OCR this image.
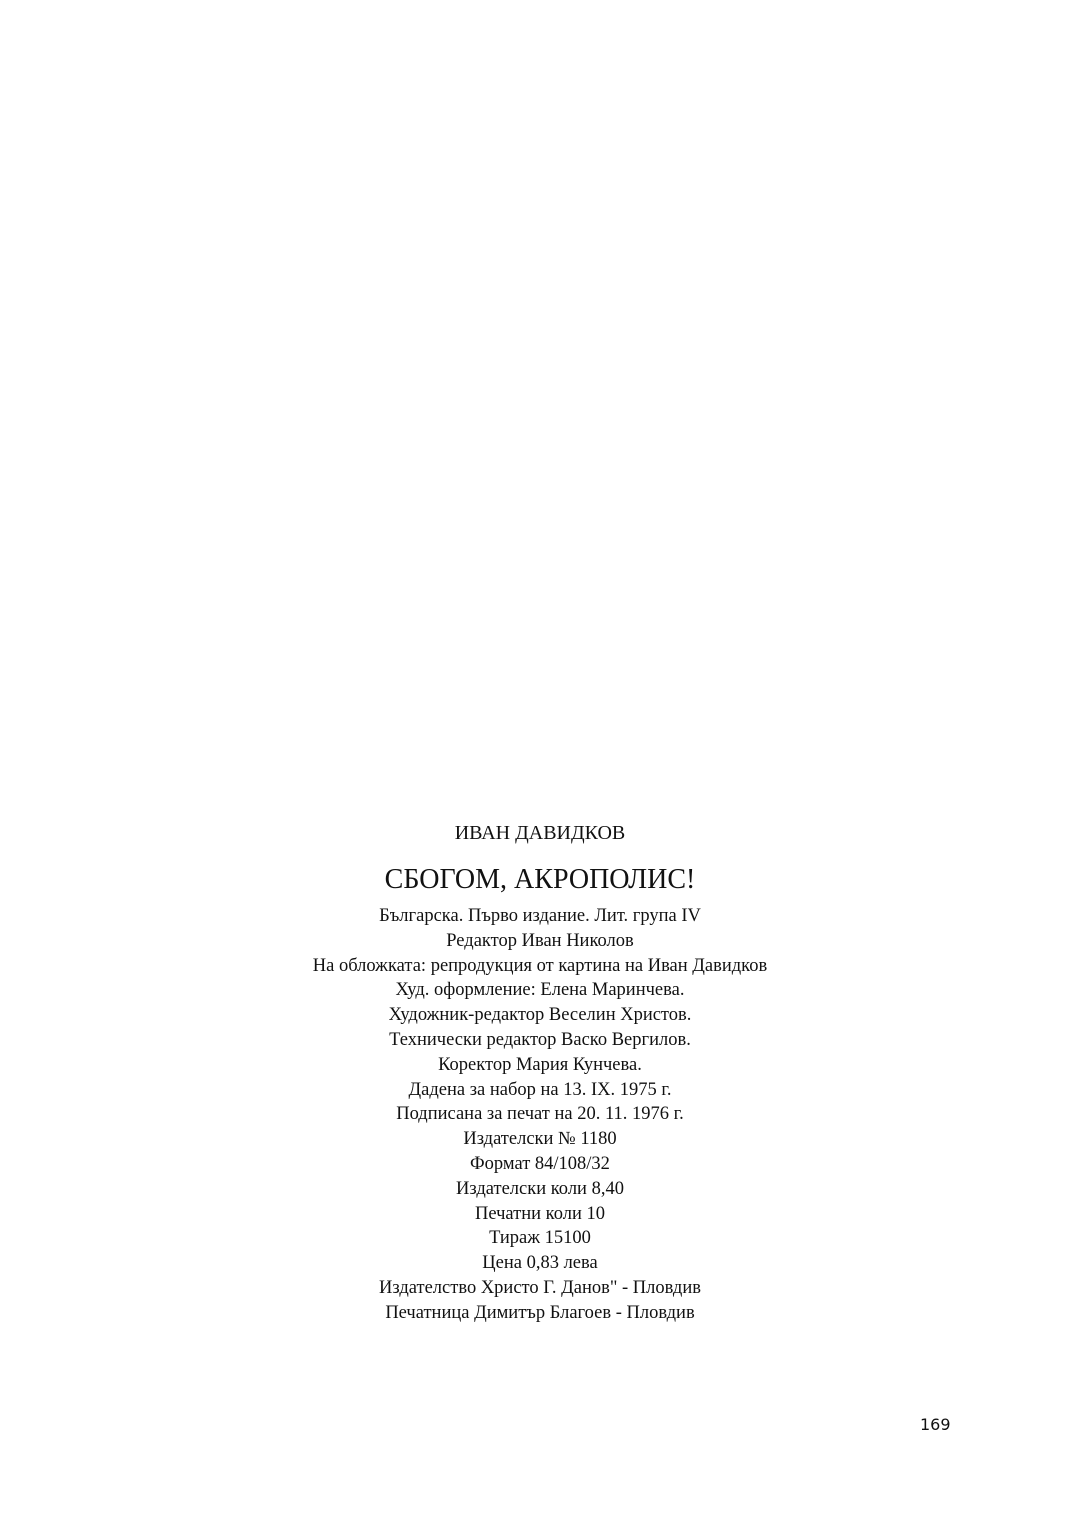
ИВАН ДАВИДКОВ
СБОГОМ, АКРОПОЛИС!
Българска. Първо издание. Лит. група IV
Редактор Иван Николов
На обложката: репродукция от картина на Иван Давидков
Худ. оформление: Елена Маринчева.
Художник-редактор Веселин Христов.
Технически редактор Васко Вергилов.
Коректор Мария Кунчева.
Дадена за набор на 13. IX. 1975 г.
Подписана за печат на 20. 11. 1976 г.
Издателски № 1180
Формат 84/108/32
Издателски коли 8,40
Печатни коли 10
Тираж 15100
Цена 0,83 лева
Издателство Христо Г. Данов" - Пловдив
Печатница Димитър Благоев - Пловдив
169
